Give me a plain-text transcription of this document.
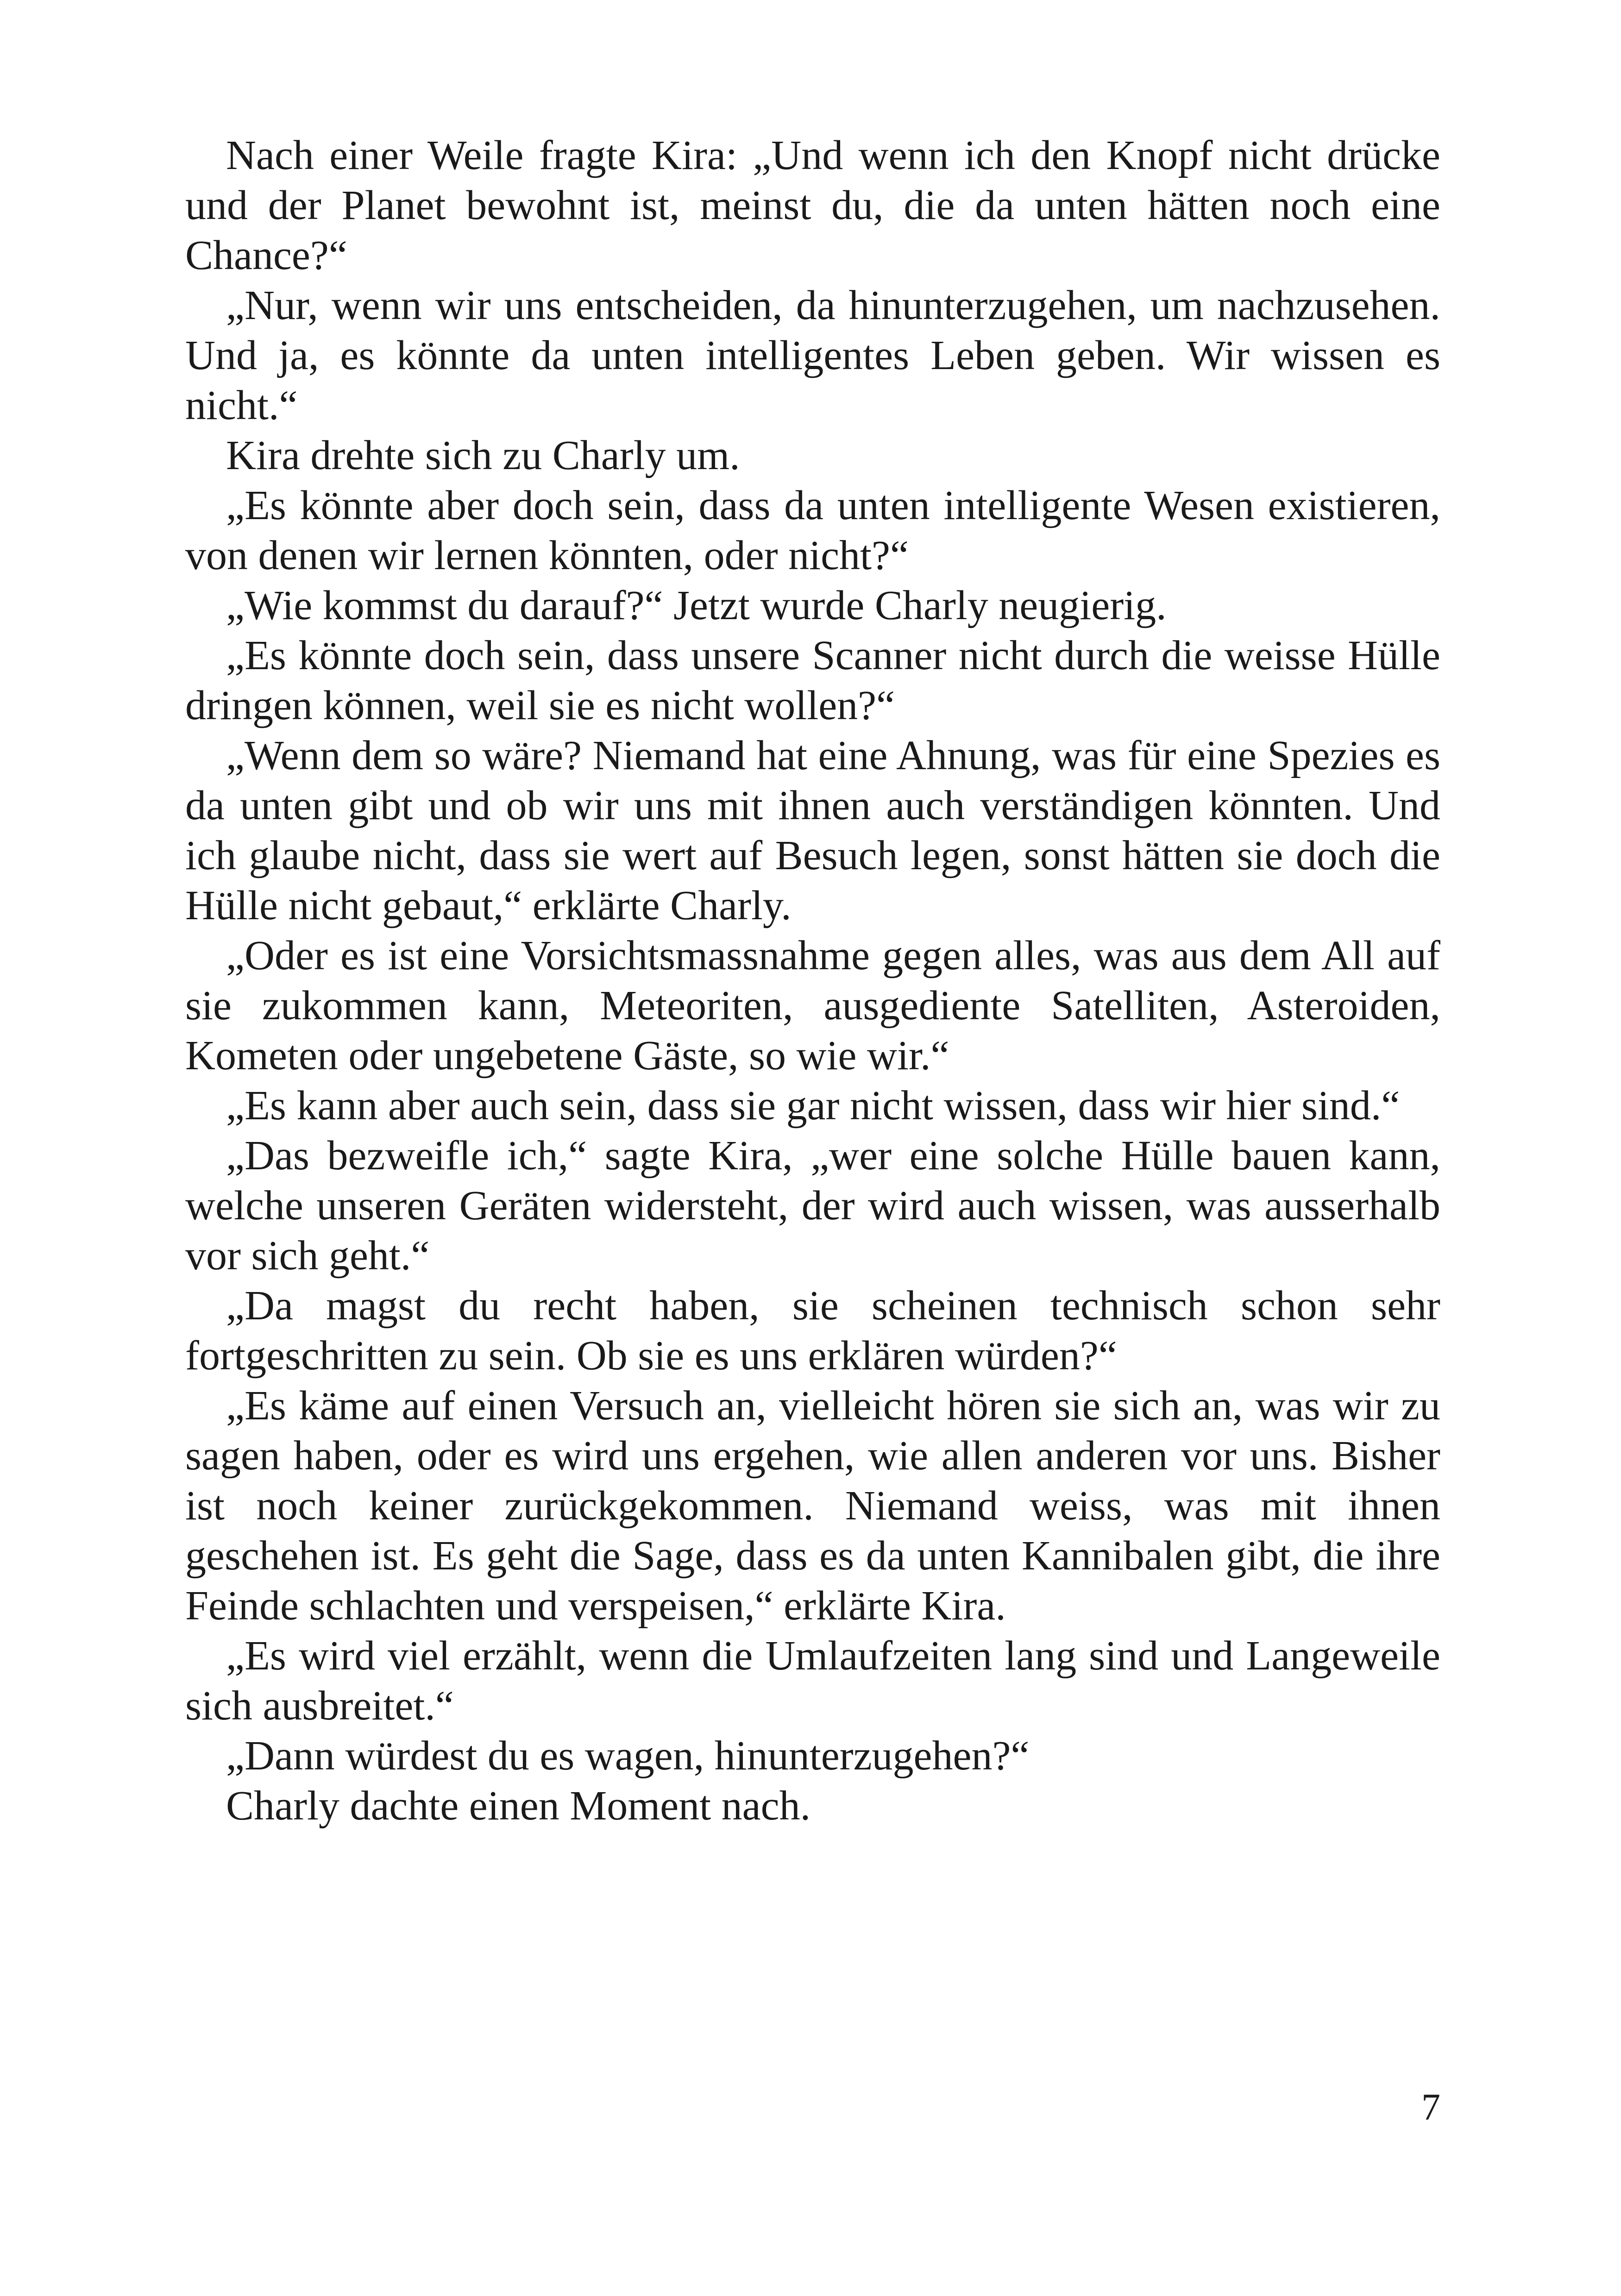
Nach einer Weile fragte Kira: „Und wenn ich den Knopf nicht drücke und der Planet bewohnt ist, meinst du, die da unten hätten noch eine Chance?“

„Nur, wenn wir uns entscheiden, da hinunterzugehen, um nachzusehen. Und ja, es könnte da unten intelligentes Leben geben. Wir wissen es nicht.“

Kira drehte sich zu Charly um.

„Es könnte aber doch sein, dass da unten intelligente Wesen existieren, von denen wir lernen könnten, oder nicht?“

„Wie kommst du darauf?“ Jetzt wurde Charly neugierig.

„Es könnte doch sein, dass unsere Scanner nicht durch die weisse Hülle dringen können, weil sie es nicht wollen?“

„Wenn dem so wäre? Niemand hat eine Ahnung, was für eine Spezies es da unten gibt und ob wir uns mit ihnen auch verständigen könnten. Und ich glaube nicht, dass sie wert auf Besuch legen, sonst hätten sie doch die Hülle nicht gebaut,“ erklärte Charly.

„Oder es ist eine Vorsichtsmassnahme gegen alles, was aus dem All auf sie zukommen kann, Meteoriten, ausgediente Satelliten, Asteroiden, Kometen oder ungebetene Gäste, so wie wir.“

„Es kann aber auch sein, dass sie gar nicht wissen, dass wir hier sind.“

„Das bezweifle ich,“ sagte Kira, „wer eine solche Hülle bauen kann, welche unseren Geräten widersteht, der wird auch wissen, was ausserhalb vor sich geht.“

„Da magst du recht haben, sie scheinen technisch schon sehr fortgeschritten zu sein. Ob sie es uns erklären würden?“

„Es käme auf einen Versuch an, vielleicht hören sie sich an, was wir zu sagen haben, oder es wird uns ergehen, wie allen anderen vor uns. Bisher ist noch keiner zurückgekommen. Niemand weiss, was mit ihnen geschehen ist. Es geht die Sage, dass es da unten Kannibalen gibt, die ihre Feinde schlachten und verspeisen,“ erklärte Kira.

„Es wird viel erzählt, wenn die Umlaufzeiten lang sind und Langeweile sich ausbreitet.“

„Dann würdest du es wagen, hinunterzugehen?“

Charly dachte einen Moment nach.

7
